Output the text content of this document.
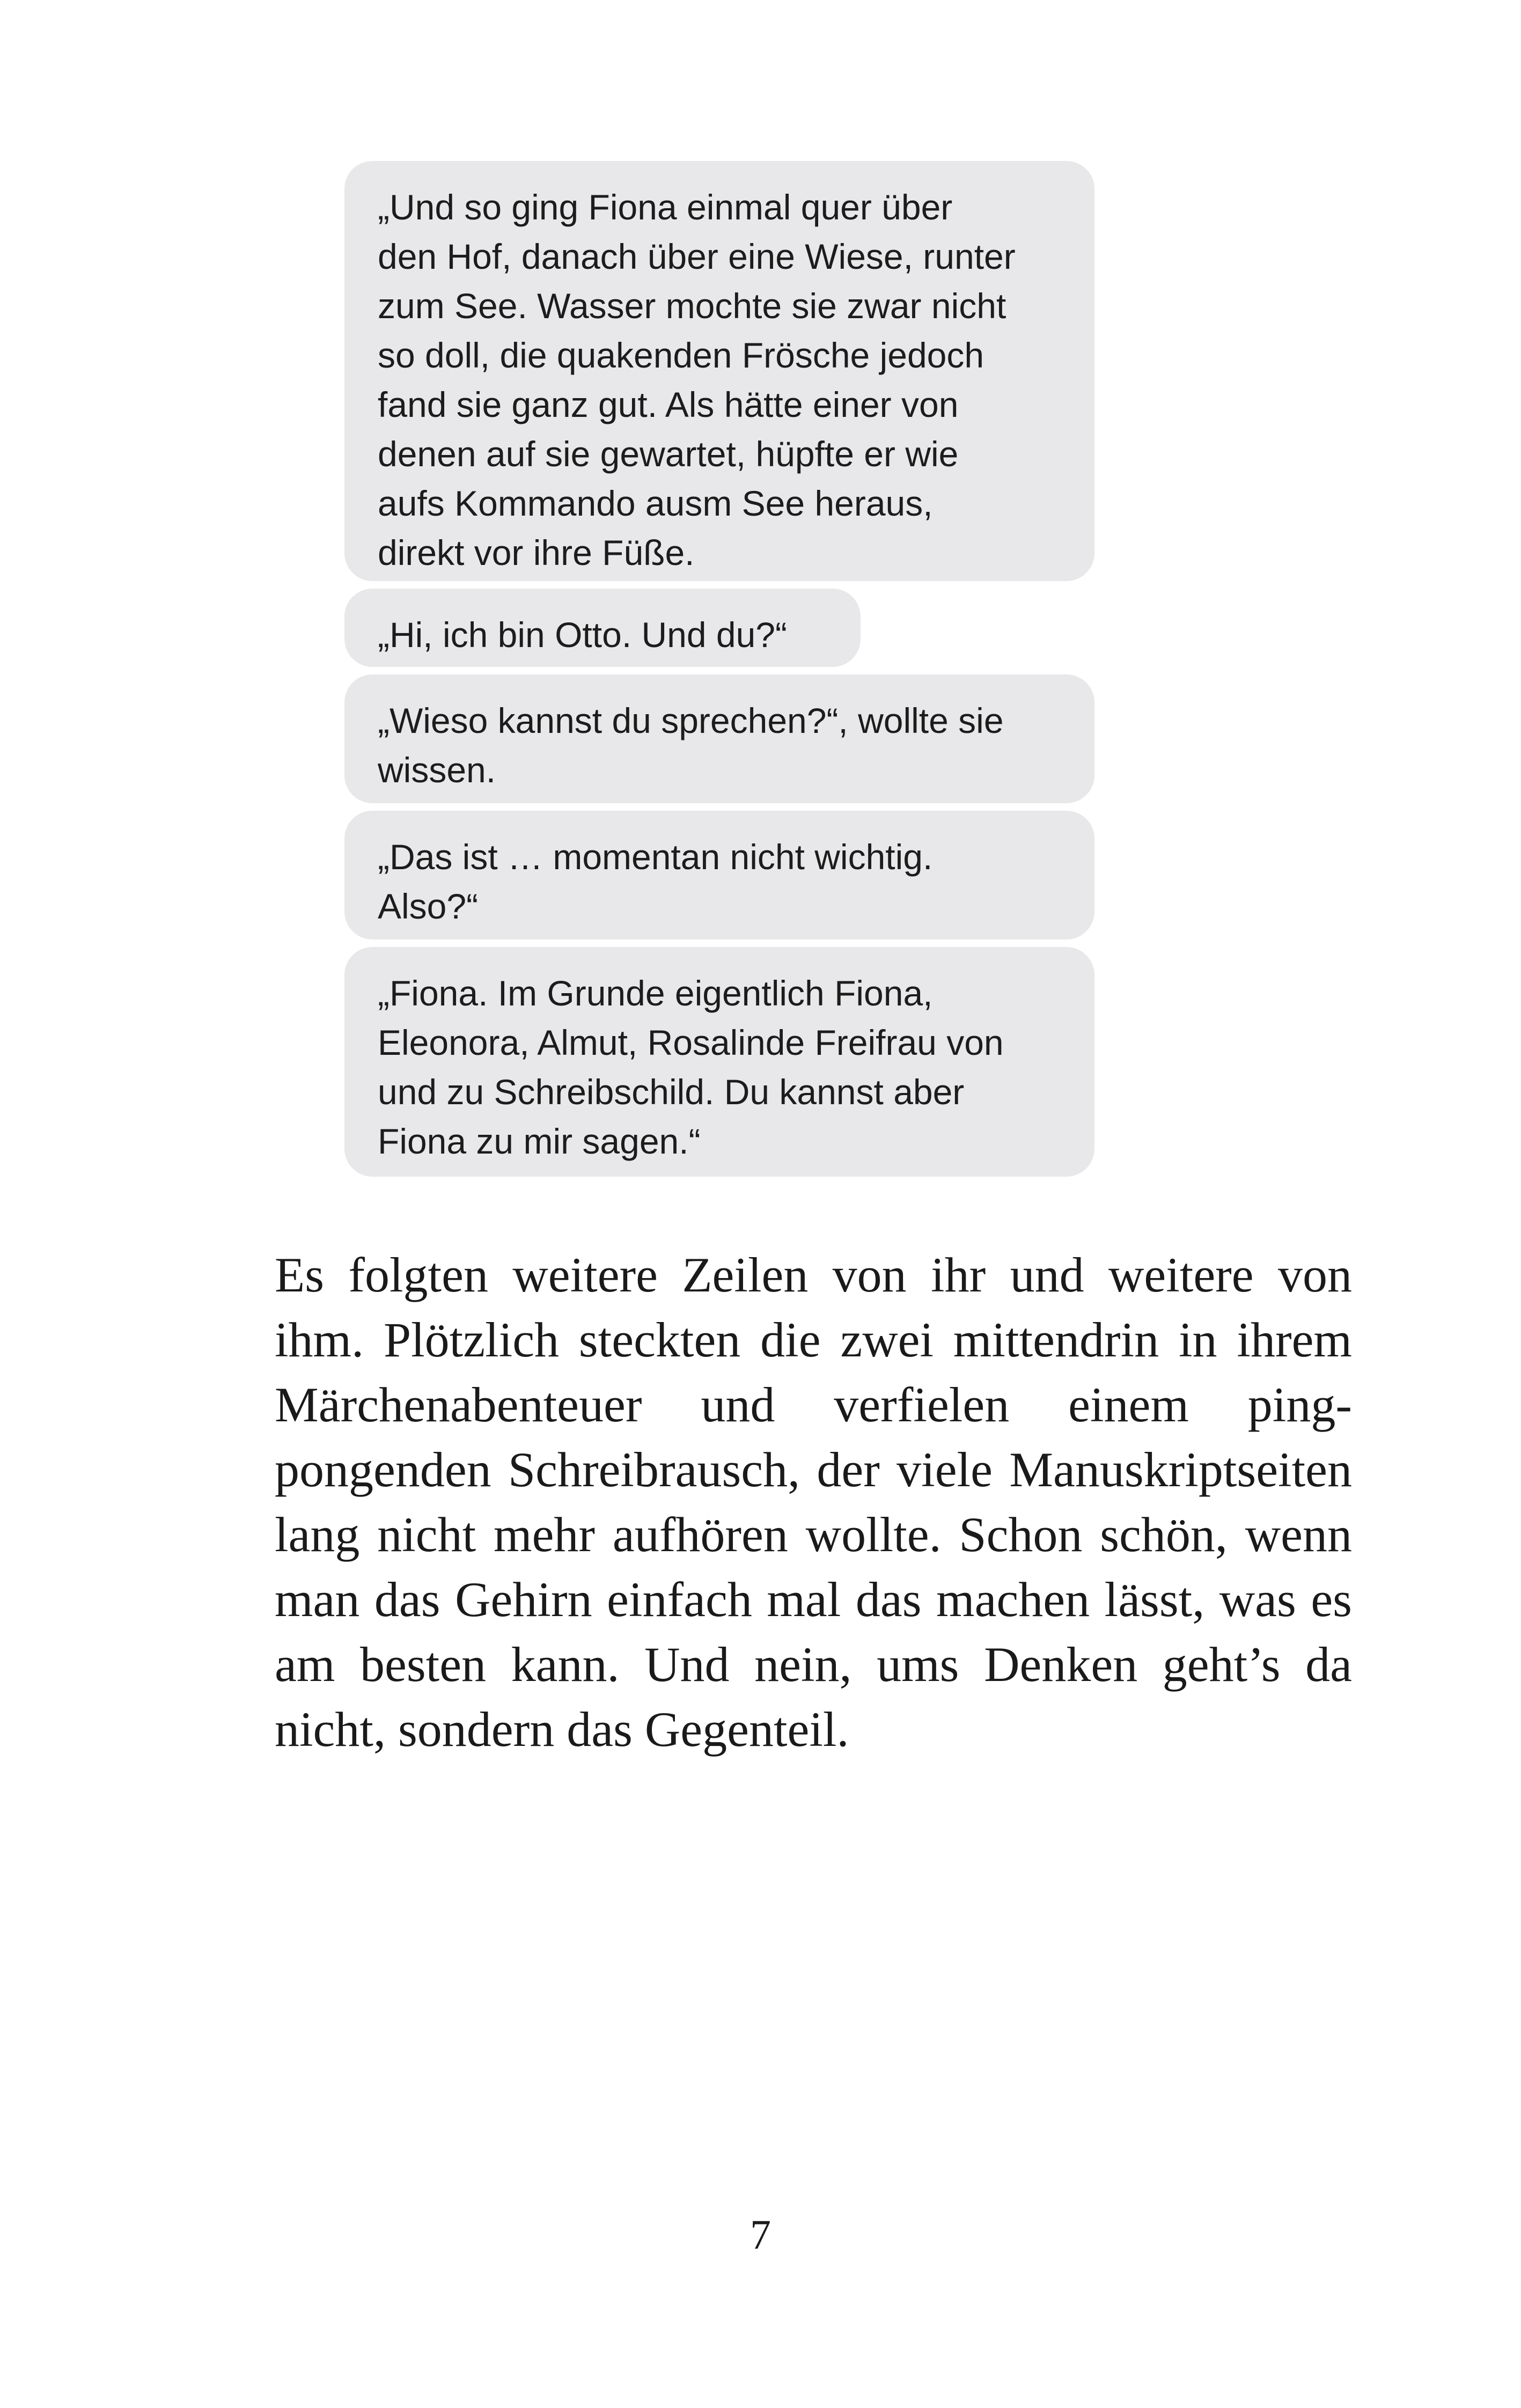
„Und so ging Fiona einmal quer über
den Hof, danach über eine Wiese, runter
zum See. Wasser mochte sie zwar nicht
so doll, die quakenden Frösche jedoch
fand sie ganz gut. Als hätte einer von
denen auf sie gewartet, hüpfte er wie
aufs Kommando ausm See heraus,
direkt vor ihre Füße.
„Hi, ich bin Otto. Und du?“
„Wieso kannst du sprechen?“, wollte sie
wissen.
„Das ist … momentan nicht wichtig.
Also?“
„Fiona. Im Grunde eigentlich Fiona,
Eleonora, Almut, Rosalinde Freifrau von
und zu Schreibschild. Du kannst aber
Fiona zu mir sagen.“

Es folgten weitere Zeilen von ihr und weitere von ihm. Plötzlich steckten die zwei mittendrin in ihrem Märchenabenteuer und verfielen einem ping-pongenden Schreibrausch, der viele Manuskriptseiten lang nicht mehr aufhören wollte. Schon schön, wenn man das Gehirn einfach mal das machen lässt, was es am besten kann. Und nein, ums Denken geht’s da nicht, sondern das Gegenteil.

7
